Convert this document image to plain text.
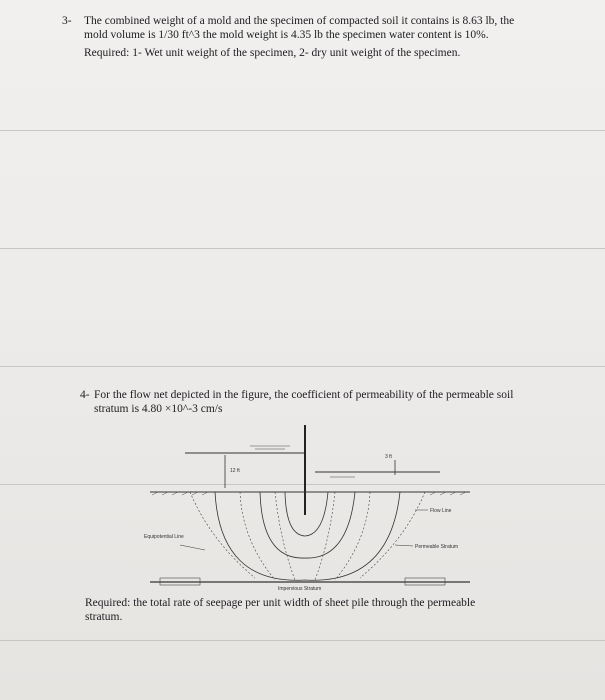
3- The combined weight of a mold and the specimen of compacted soil it contains is 8.63 lb, the mold volume is 1/30 ft^3 the mold weight is 4.35 lb the specimen water content is 10%.
Required: 1- Wet unit weight of the specimen, 2- dry unit weight of the specimen.
4- For the flow net depicted in the figure, the coefficient of permeability of the permeable soil stratum is 4.80 ×10^-3 cm/s
12 ft
3 ft
Flow Line
Equipotential Line
Permeable Stratum
Impervious Stratum
Required: the total rate of seepage per unit width of sheet pile through the permeable stratum.
